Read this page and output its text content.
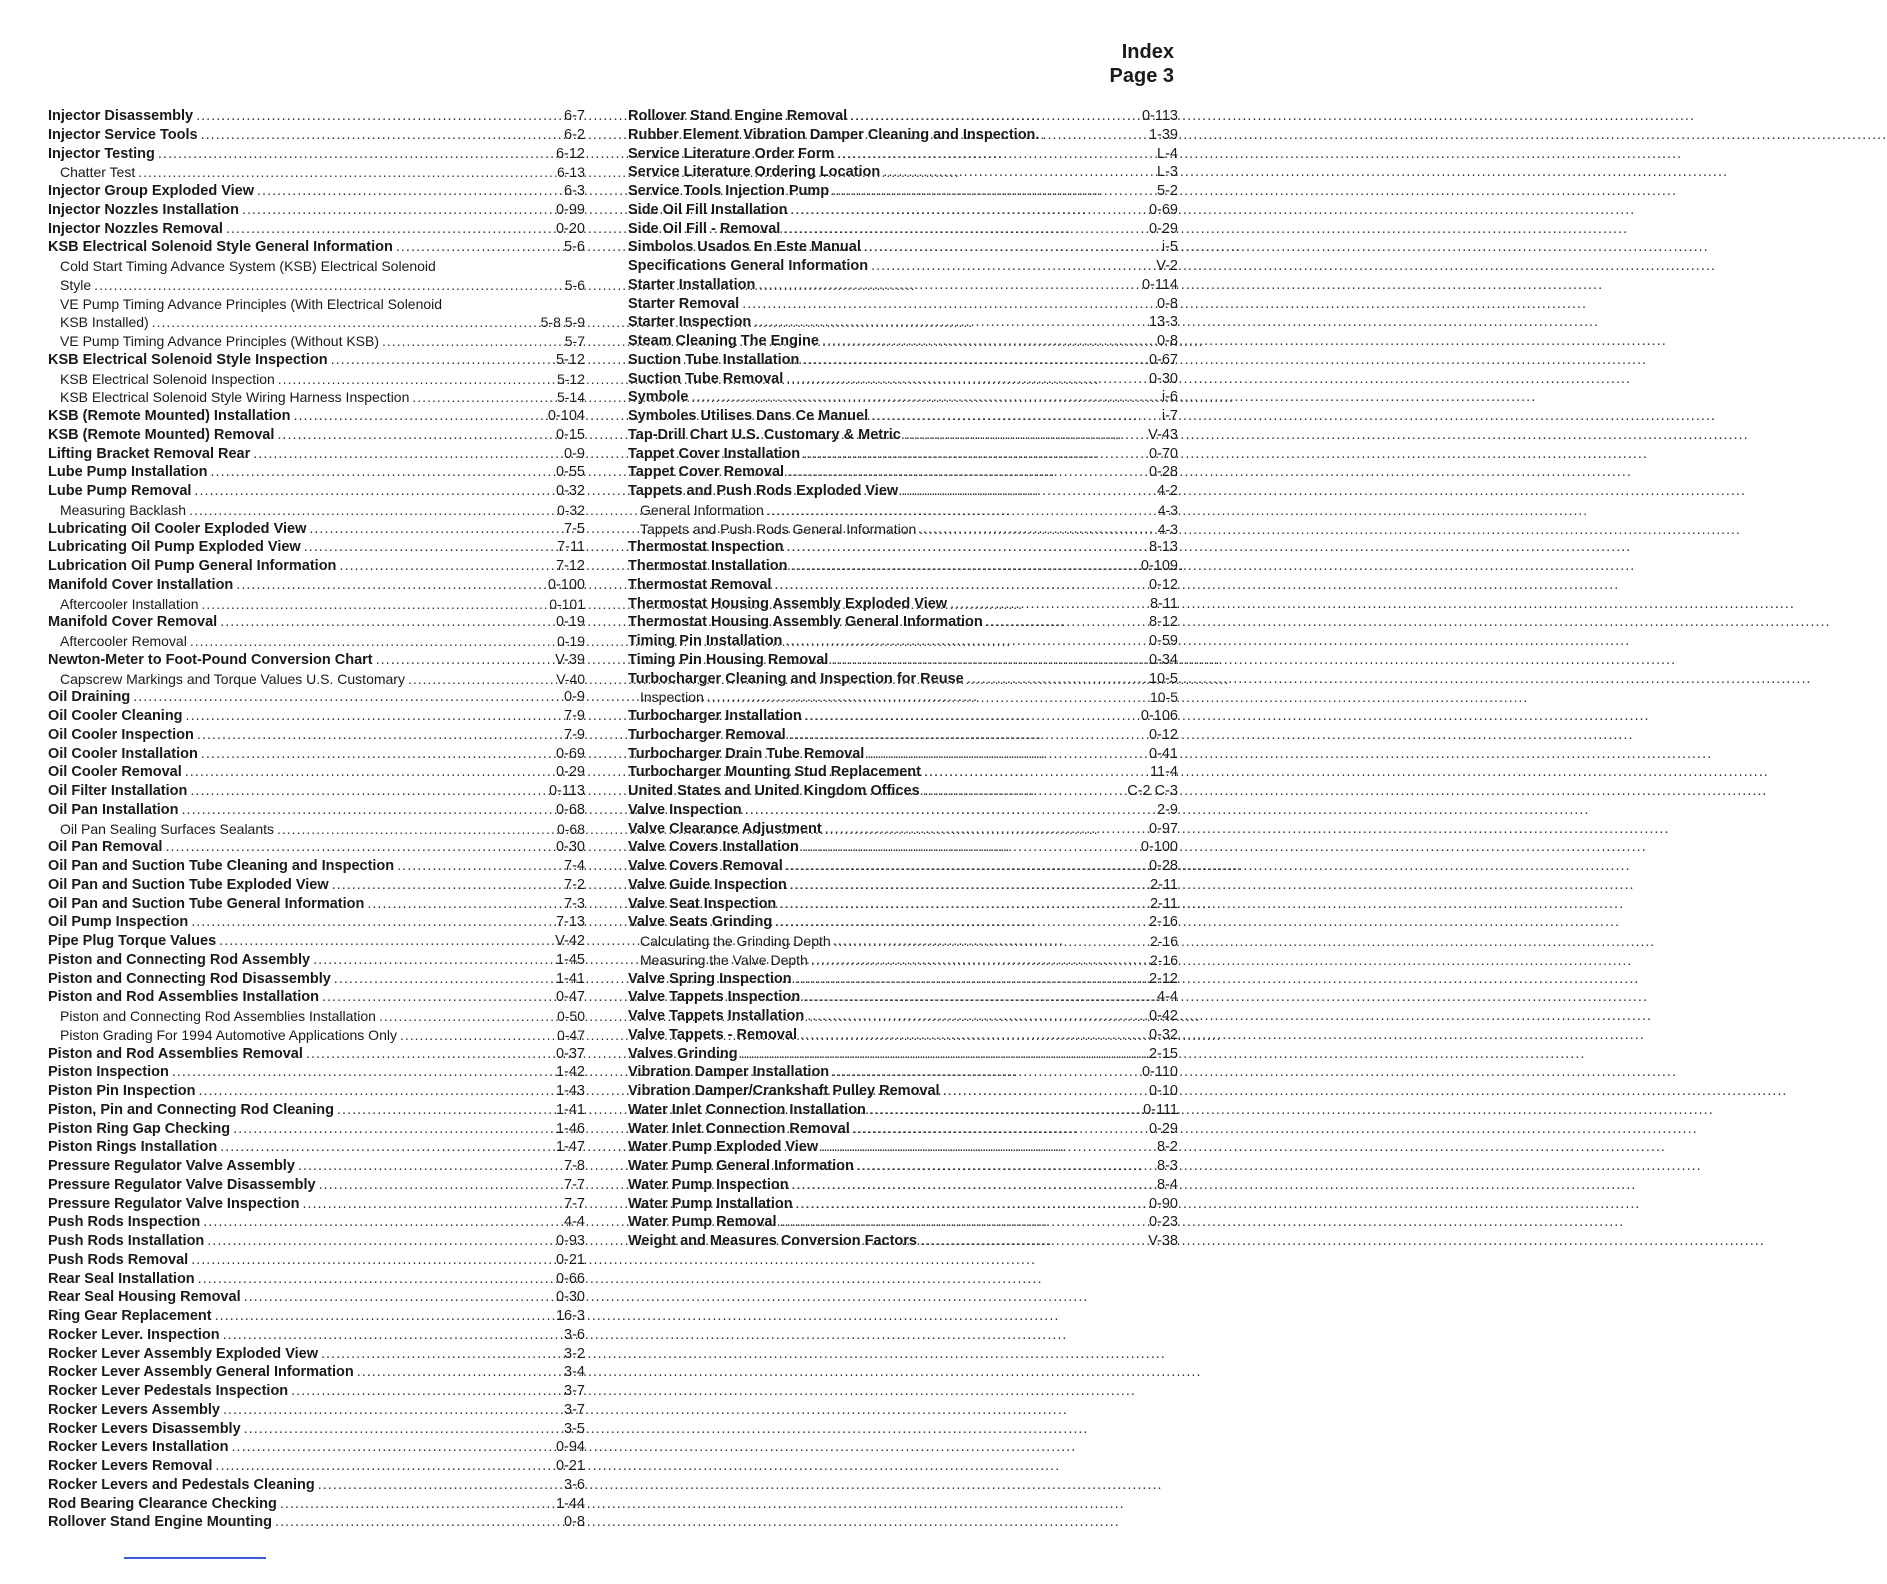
Index
Page 3
Injector Disassembly .....	6-7
Injector Service Tools .....	6-2
Injector Testing .....	6-12
Chatter Test .....	6-13
Injector Group Exploded View .....	6-3
Injector Nozzles Installation .....	0-99
Injector Nozzles Removal .....	0-20
KSB Electrical Solenoid Style General Information .....	5-6
Cold Start Timing Advance System (KSB) Electrical Solenoid
Style .....	5-6
VE Pump Timing Advance Principles (With Electrical Solenoid
KSB Installed) .....	5-8 5-9
VE Pump Timing Advance Principles (Without KSB) .....	5-7
KSB Electrical Solenoid Style Inspection .....	5-12
KSB Electrical Solenoid Inspection .....	5-12
KSB Electrical Solenoid Style Wiring Harness Inspection .....	5-14
KSB (Remote Mounted) Installation .....	0-104
KSB (Remote Mounted) Removal .....	0-15
Lifting Bracket Removal Rear .....	0-9
Lube Pump Installation .....	0-55
Lube Pump Removal .....	0-32
Measuring Backlash .....	0-32
Lubricating Oil Cooler Exploded View .....	7-5
Lubricating Oil Pump Exploded View .....	7-11
Lubrication Oil Pump General Information .....	7-12
Manifold Cover Installation .....	0-100
Aftercooler Installation .....	0-101
Manifold Cover Removal .....	0-19
Aftercooler Removal .....	0-19
Newton-Meter to Foot-Pound Conversion Chart .....	V-39
Capscrew Markings and Torque Values U.S. Customary .....	V-40
Oil Draining .....	0-9
Oil Cooler Cleaning .....	7-9
Oil Cooler Inspection .....	7-9
Oil Cooler Installation .....	0-69
Oil Cooler Removal .....	0-29
Oil Filter Installation .....	0-113
Oil Pan Installation .....	0-68
Oil Pan Sealing Surfaces Sealants .....	0-68
Oil Pan Removal .....	0-30
Oil Pan and Suction Tube Cleaning and Inspection .....	7-4
Oil Pan and Suction Tube Exploded View .....	7-2
Oil Pan and Suction Tube General Information .....	7-3
Oil Pump Inspection .....	7-13
Pipe Plug Torque Values .....	V-42
Piston and Connecting Rod Assembly .....	1-45
Piston and Connecting Rod Disassembly .....	1-41
Piston and Rod Assemblies Installation .....	0-47
Piston and Connecting Rod Assemblies Installation .....	0-50
Piston Grading For 1994 Automotive Applications Only .....	0-47
Piston and Rod Assemblies Removal .....	0-37
Piston Inspection .....	1-42
Piston Pin Inspection .....	1-43
Piston, Pin and Connecting Rod Cleaning .....	1-41
Piston Ring Gap Checking .....	1-46
Piston Rings Installation .....	1-47
Pressure Regulator Valve Assembly .....	7-8
Pressure Regulator Valve Disassembly .....	7-7
Pressure Regulator Valve Inspection .....	7-7
Push Rods Inspection .....	4-4
Push Rods Installation .....	0-93
Push Rods Removal .....	0-21
Rear Seal Installation .....	0-66
Rear Seal Housing Removal .....	0-30
Ring Gear Replacement .....	16-3
Rocker Lever. Inspection .....	3-6
Rocker Lever Assembly Exploded View .....	3-2
Rocker Lever Assembly General Information .....	3-4
Rocker Lever Pedestals Inspection .....	3-7
Rocker Levers Assembly .....	3-7
Rocker Levers Disassembly .....	3-5
Rocker Levers Installation .....	0-94
Rocker Levers Removal .....	0-21
Rocker Levers and Pedestals Cleaning .....	3-6
Rod Bearing Clearance Checking .....	1-44
Rollover Stand Engine Mounting .....	0-8
Rollover Stand Engine Removal .....	0-113
Rubber Element Vibration Damper Cleaning and Inspection. .....	1-39
Service Literature Order Form .....	L-4
Service Literature Ordering Location .....	L-3
Service Tools Injection Pump .....	5-2
Side Oil Fill Installation .....	0-69
Side Oil Fill - Removal .....	0-29
Simbolos Usados En Este Manual .....	i-5
Specifications General Information .....	V-2
Starter Installation .....	0-114
Starter Removal .....	0-8
Starter Inspection .....	13-3
Steam Cleaning The Engine .....	0-8
Suction Tube Installation .....	0-67
Suction Tube Removal .....	0-30
Symbole .....	i-6
Symboles Utilises Dans Ce Manuel .....	i-7
Tap-Drill Chart U.S. Customary & Metric .....	V-43
Tappet Cover Installation .....	0-70
Tappet Cover Removal .....	0-28
Tappets and Push Rods Exploded View .....	4-2
General Information .....	4-3
Tappets and Push Rods General Information .....	4-3
Thermostat Inspection .....	8-13
Thermostat Installation .....	0-109
Thermostat Removal .....	0-12
Thermostat Housing Assembly Exploded View .....	8-11
Thermostat Housing Assembly General Information .....	8-12
Timing Pin Installation .....	0-59
Timing Pin Housing Removal .....	0-34
Turbocharger Cleaning and Inspection for Reuse .....	10-5
Inspection .....	10-5
Turbocharger Installation .....	0-106
Turbocharger Removal .....	0-12
Turbocharger Drain Tube Removal .....	0-41
Turbocharger Mounting Stud Replacement .....	11-4
United States and United Kingdom Offices .....	C-2 C-3
Valve Inspection .....	2-9
Valve Clearance Adjustment .....	0-97
Valve Covers Installation .....	0-100
Valve Covers Removal .....	0-28
Valve Guide Inspection .....	2-11
Valve Seat Inspection .....	2-11
Valve Seats Grinding .....	2-16
Calculating the Grinding Depth .....	2-16
Measuring the Valve Depth .....	2-16
Valve Spring Inspection .....	2-12
Valve Tappets Inspection .....	4-4
Valve Tappets Installation .....	0-42
Valve Tappets - Removal .....	0-32
Valves Grinding .....	2-15
Vibration Damper Installation .....	0-110
Vibration Damper/Crankshaft Pulley Removal .....	0-10
Water Inlet Connection Installation .....	0-111
Water Inlet Connection Removal .....	0-29
Water Pump Exploded View .....	8-2
Water Pump General Information .....	8-3
Water Pump Inspection .....	8-4
Water Pump Installation .....	0-90
Water Pump Removal .....	0-23
Weight and Measures Conversion Factors .....	V-38
